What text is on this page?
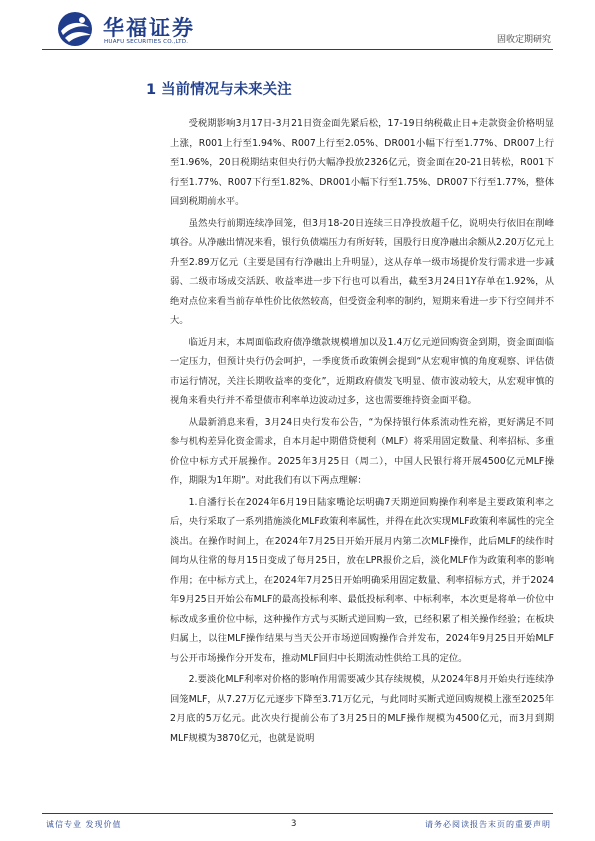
华福证券
HUAFU SECURITIES CO.,LTD.	固收定期研究
1 当前情况与未来关注

受税期影响3月17日-3月21日资金面先紧后松，17-19日纳税截止日+走款资金价格明显上涨，R001上行至1.94%、R007上行至2.05%、DR001小幅下行至1.77%、DR007上行至1.96%，20日税期结束但央行仍大幅净投放2326亿元，资金面在20-21日转松，R001下行至1.77%、R007下行至1.82%、DR001小幅下行至1.75%、DR007下行至1.77%，整体回到税期前水平。

虽然央行前期连续净回笼，但3月18-20日连续三日净投放超千亿，说明央行依旧在削峰填谷。从净融出情况来看，银行负债端压力有所好转，国股行日度净融出余额从2.20万亿元上升至2.89万亿元（主要是国有行净融出上升明显），这从存单一级市场提价发行需求进一步减弱、二级市场成交活跃、收益率进一步下行也可以看出，截至3月24日1Y存单在1.92%，从绝对点位来看当前存单性价比依然较高，但受资金利率的制约，短期来看进一步下行空间并不大。

临近月末，本周面临政府债净缴款规模增加以及1.4万亿元逆回购资金到期，资金面面临一定压力，但预计央行仍会呵护，一季度货币政策例会提到“从宏观审慎的角度观察、评估债市运行情况，关注长期收益率的变化”，近期政府债发飞明显、债市波动较大，从宏观审慎的视角来看央行并不希望债市利率单边波动过多，这也需要维持资金面平稳。

从最新消息来看，3月24日央行发布公告，“为保持银行体系流动性充裕，更好满足不同参与机构差异化资金需求，自本月起中期借贷便利（MLF）将采用固定数量、利率招标、多重价位中标方式开展操作。2025年3月25日（周二），中国人民银行将开展4500亿元MLF操作，期限为1年期”。对此我们有以下两点理解：

1.自潘行长在2024年6月19日陆家嘴论坛明确7天期逆回购操作利率是主要政策利率之后，央行采取了一系列措施淡化MLF政策利率属性，并得在此次实现MLF政策利率属性的完全淡出。在操作时间上，在2024年7月25日开始开展月内第二次MLF操作，此后MLF的续作时间均从往常的每月15日变成了每月25日，放在LPR报价之后，淡化MLF作为政策利率的影响作用；在中标方式上，在2024年7月25日开始明确采用固定数量、利率招标方式，并于2024年9月25日开始公布MLF的最高投标利率、最低投标利率、中标利率，本次更是将单一价位中标改成多重价位中标，这种操作方式与买断式逆回购一致，已经积累了相关操作经验；在板块归属上，以往MLF操作结果与当天公开市场逆回购操作合并发布，2024年9月25日开始MLF与公开市场操作分开发布，推动MLF回归中长期流动性供给工具的定位。

2.要淡化MLF利率对价格的影响作用需要减少其存续规模，从2024年8月开始央行连续净回笼MLF，从7.27万亿元逐步下降至3.71万亿元，与此同时买断式逆回购规模上涨至2025年2月底的5万亿元。此次央行提前公布了3月25日的MLF操作规模为4500亿元，而3月到期MLF规模为3870亿元，也就是说明

诚信专业 发现价值	3	请务必阅读报告末页的重要声明
